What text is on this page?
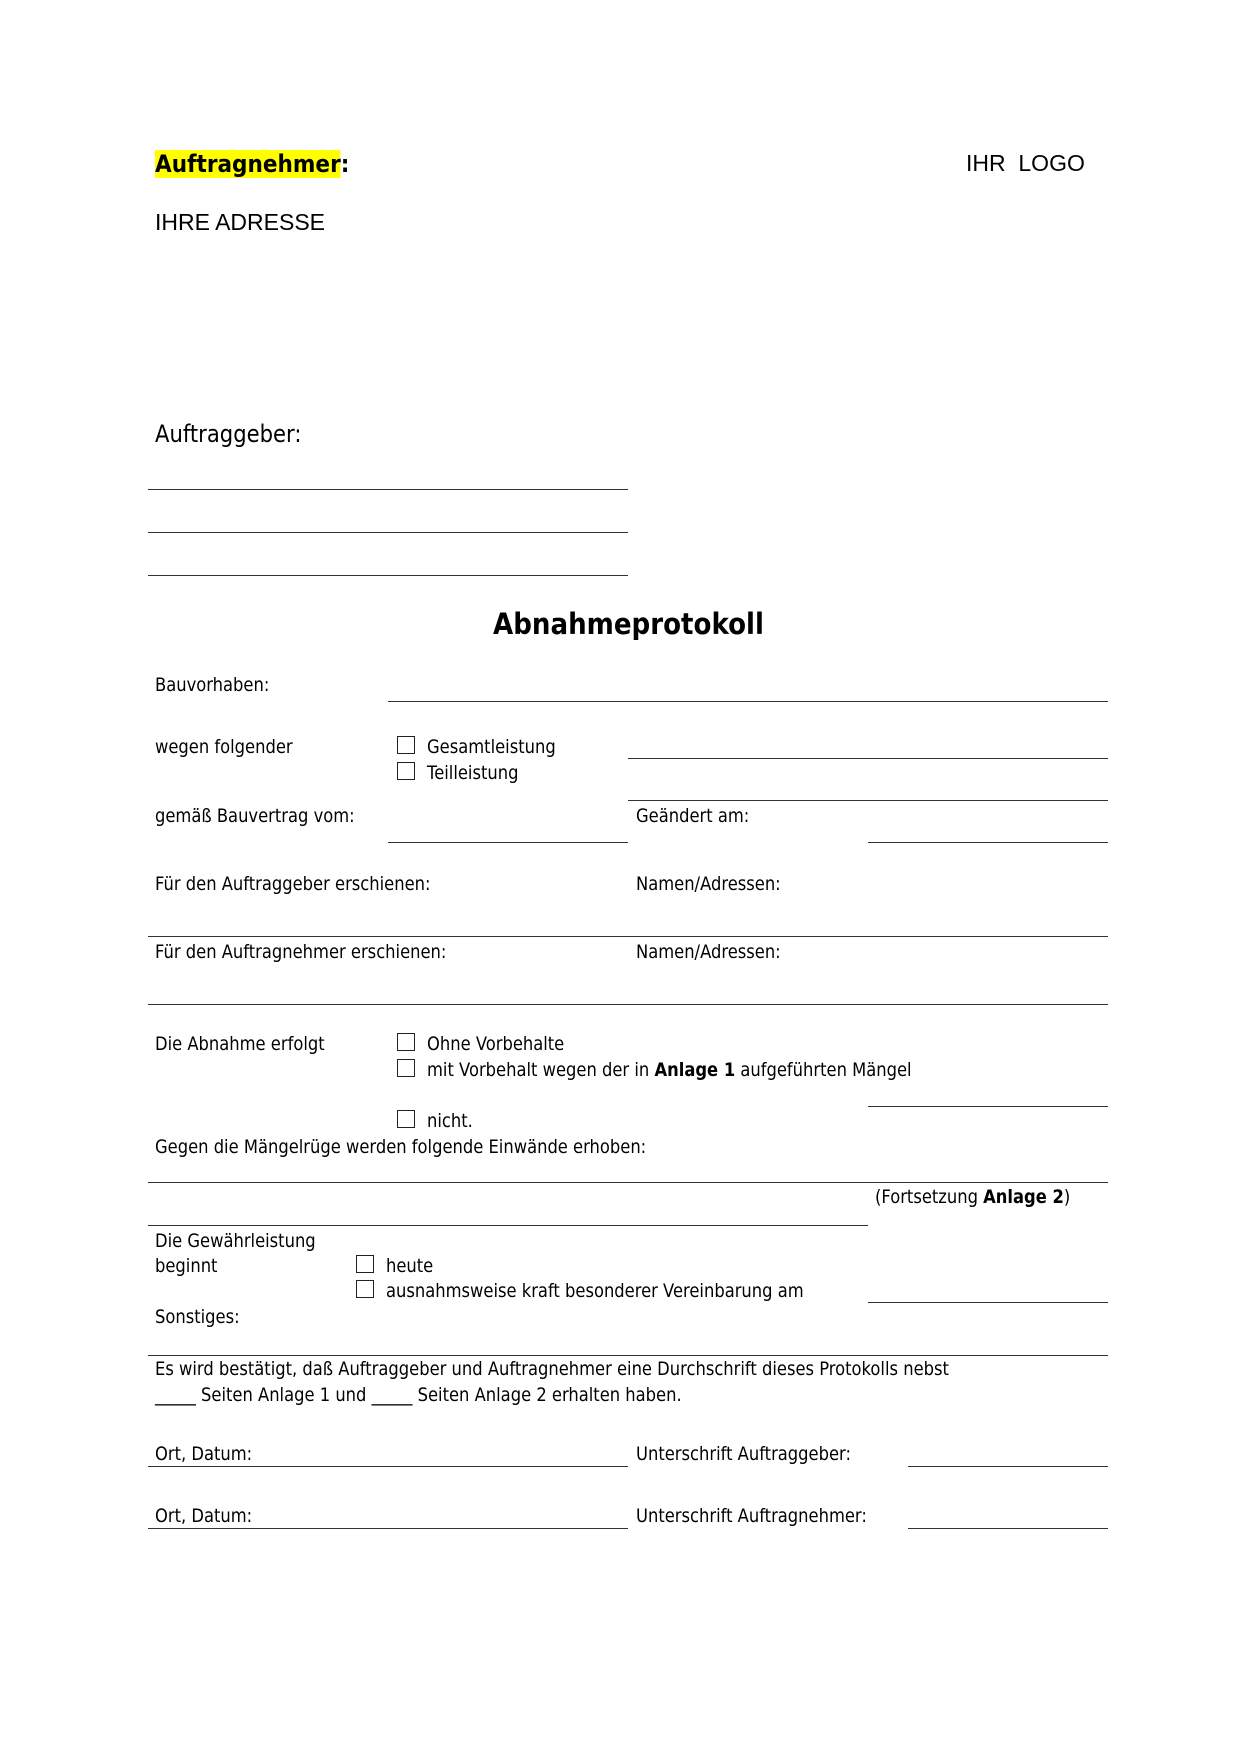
Auftragnehmer:	IHR  LOGO
IHRE ADRESSE
Auftraggeber:
Abnahmeprotokoll
Bauvorhaben:
wegen folgender	Gesamtleistung
Teilleistung
gemäß Bauvertrag vom:	Geändert am:
Für den Auftraggeber erschienen:	Namen/Adressen:
Für den Auftragnehmer erschienen:	Namen/Adressen:
Die Abnahme erfolgt	Ohne Vorbehalte
mit Vorbehalt wegen der in Anlage 1 aufgeführten Mängel
nicht.
Gegen die Mängelrüge werden folgende Einwände erhoben:
(Fortsetzung Anlage 2)
Die Gewährleistung
beginnt	heute
ausnahmsweise kraft besonderer Vereinbarung am
Sonstiges:
Es wird bestätigt, daß Auftraggeber und Auftragnehmer eine Durchschrift dieses Protokolls nebst
_____ Seiten Anlage 1 und _____ Seiten Anlage 2 erhalten haben.
Ort, Datum:	Unterschrift Auftraggeber:
Ort, Datum:	Unterschrift Auftragnehmer:
